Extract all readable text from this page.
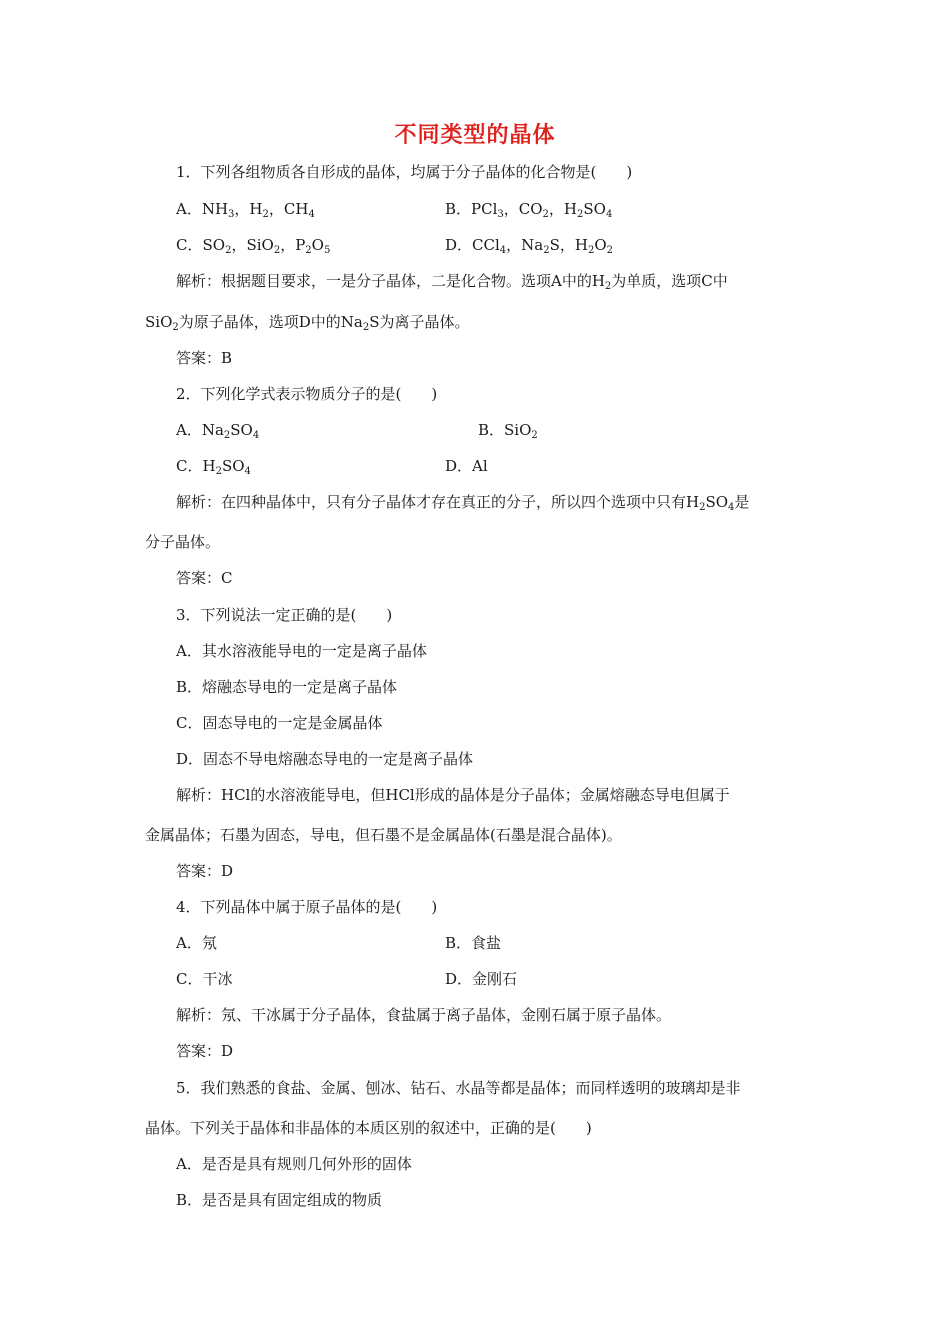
不同类型的晶体
1．下列各组物质各自形成的晶体，均属于分子晶体的化合物是(　　)
A．$NH_3$，$H_2$，$CH_4$	B．PCl$_3$，$CO_2$，$H_2SO_4$
C．$SO_2$，SiO$_2$，$P_2O_5$	D．CCl$_4$，$Na_2S$，$H_2O_2$
解析：根据题目要求，一是分子晶体，二是化合物。选项A中的$H_2$为单质，选项C中
SiO$_2$为原子晶体，选项D中的$Na_2S$为离子晶体。
答案：B
2．下列化学式表示物质分子的是(　　)
A．$Na_2SO_4$	B．SiO$_2$
C．$H_2SO_4$	D．Al
解析：在四种晶体中，只有分子晶体才存在真正的分子，所以四个选项中只有$H_2SO_4$是
分子晶体。
答案：C
3．下列说法一定正确的是(　　)
A．其水溶液能导电的一定是离子晶体
B．熔融态导电的一定是离子晶体
C．固态导电的一定是金属晶体
D．固态不导电熔融态导电的一定是离子晶体
解析：HCl的水溶液能导电，但HCl形成的晶体是分子晶体；金属熔融态导电但属于
金属晶体；石墨为固态，导电，但石墨不是金属晶体(石墨是混合晶体)。
答案：D
4．下列晶体中属于原子晶体的是(　　)
A．氖	B．食盐
C．干冰	D．金刚石
解析：氖、干冰属于分子晶体，食盐属于离子晶体，金刚石属于原子晶体。
答案：D
5．我们熟悉的食盐、金属、刨冰、钻石、水晶等都是晶体；而同样透明的玻璃却是非
晶体。下列关于晶体和非晶体的本质区别的叙述中，正确的是(　　)
A．是否是具有规则几何外形的固体
B．是否是具有固定组成的物质
